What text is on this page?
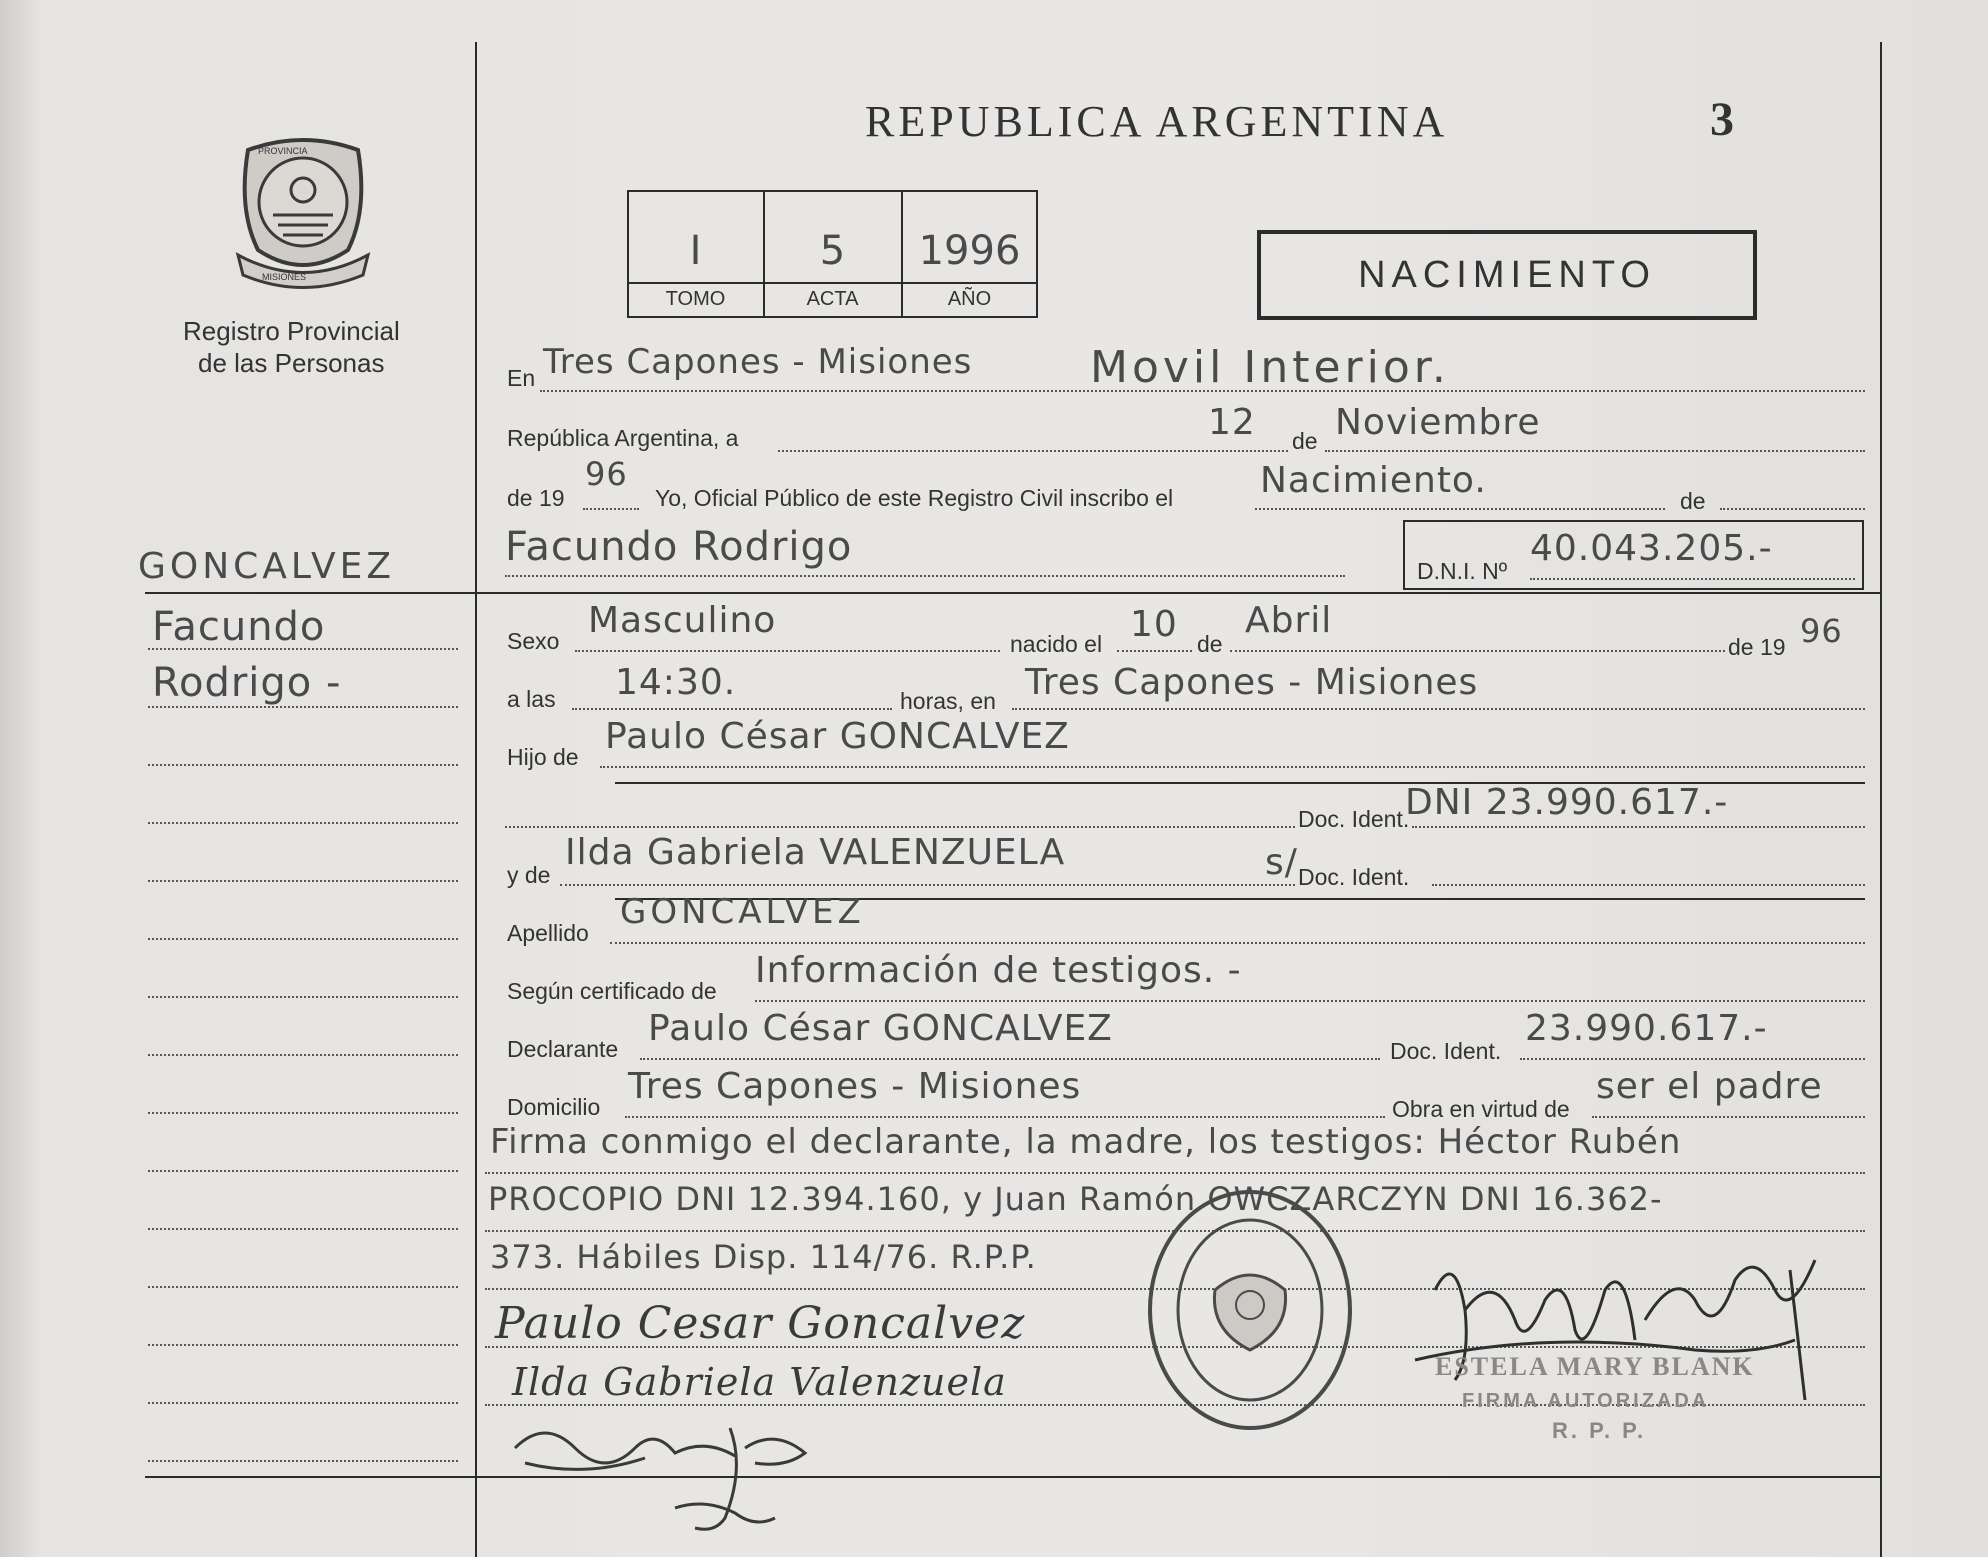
REPUBLICA ARGENTINA	3
PROVINCIA
MISIONES
Registro Provincial
de las Personas
I	5	1996
TOMO	ACTA	AÑO
NACIMIENTO
En Tres Capones - Misiones	Movil Interior.
República Argentina, a	12 de Noviembre
de 19
96
Yo, Oficial Público de este Registro Civil inscribo el Nacimiento.	de
Facundo Rodrigo
D.N.I. Nº
40.043.205.-
GONCALVEZ
Facundo
Rodrigo -
Sexo Masculino
nacido el 10 de
Abril
de 19 96
a las 14:30.	horas, en Tres Capones - Misiones
Hijo de Paulo César GONCALVEZ
Doc. Ident.
DNI 23.990.617.-
y de
Ilda Gabriela VALENZUELA	s/ Doc. Ident.
Apellido
GONCALVEZ
Según certificado de Información de testigos. -
Declarante Paulo César GONCALVEZ
Doc. Ident.
23.990.617.-
Domicilio Tres Capones - Misiones
Obra en virtud de
ser el padre
Firma conmigo el declarante, la madre, los testigos: Héctor Rubén
PROCOPIO DNI 12.394.160, y Juan Ramón OWCZARCZYN DNI 16.362-
373. Hábiles Disp. 114/76. R.P.P.
Paulo Cesar Goncalvez
Ilda Gabriela Valenzuela	ESTELA MARY BLANK
FIRMA AUTORIZADA
R. P. P.
